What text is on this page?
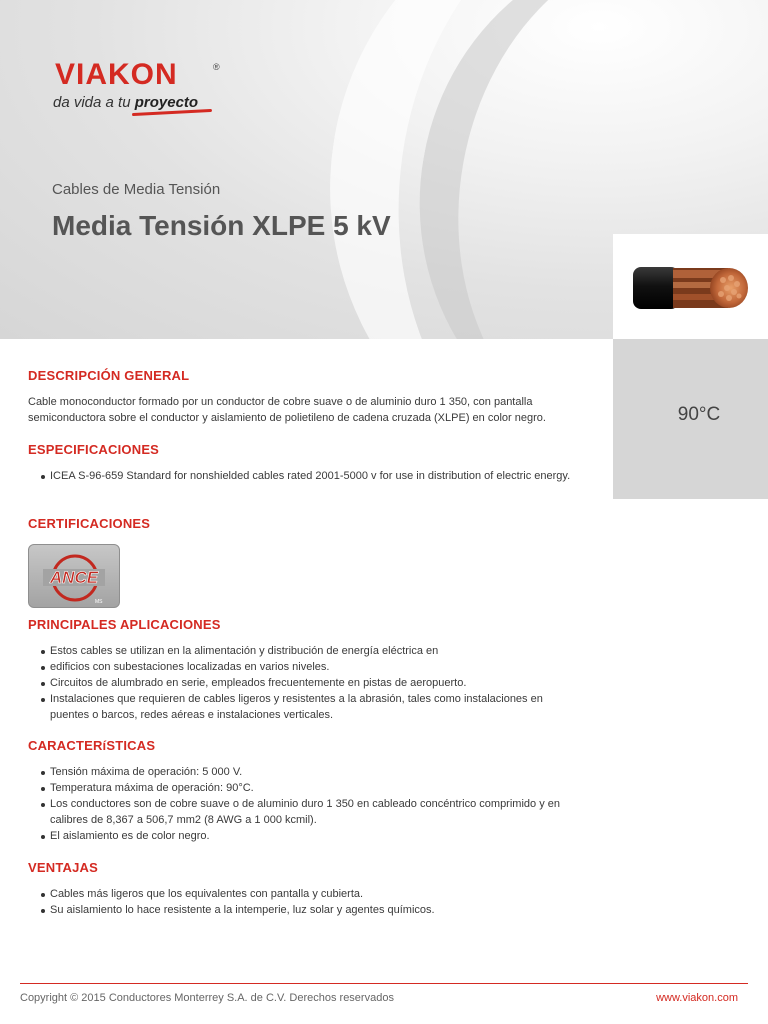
VIAKON	®
da vida a tu proyecto
Cables de Media Tensión
Media Tensión XLPE 5 kV
90°C
DESCRIPCIÓN GENERAL
Cable monoconductor formado por un conductor de cobre suave o de aluminio duro 1 350, con pantalla semiconductora sobre el conductor y aislamiento de polietileno de cadena cruzada (XLPE) en color negro.
ESPECIFICACIONES
ICEA S-96-659 Standard for nonshielded cables rated 2001-5000 v for use in distribution of electric energy.
CERTIFICACIONES
ANCE
MS
PRINCIPALES APLICACIONES
Estos cables se utilizan en la alimentación y distribución de energía eléctrica en
edificios con subestaciones localizadas en varios niveles.
Circuitos de alumbrado en serie, empleados frecuentemente en pistas de aeropuerto.
Instalaciones que requieren de cables ligeros y resistentes a la abrasión, tales como instalaciones en puentes o barcos, redes aéreas e instalaciones verticales.
CARACTERíSTICAS
Tensión máxima de operación: 5 000 V.
Temperatura máxima de operación: 90°C.
Los conductores son de cobre suave o de aluminio duro 1 350 en cableado concéntrico comprimido y en calibres de 8,367 a 506,7 mm2 (8 AWG a 1 000 kcmil).
El aislamiento es de color negro.
VENTAJAS
Cables más ligeros que los equivalentes con pantalla y cubierta.
Su aislamiento lo hace resistente a la intemperie, luz solar y agentes químicos.
Copyright © 2015 Conductores Monterrey S.A. de C.V. Derechos reservados	www.viakon.com
